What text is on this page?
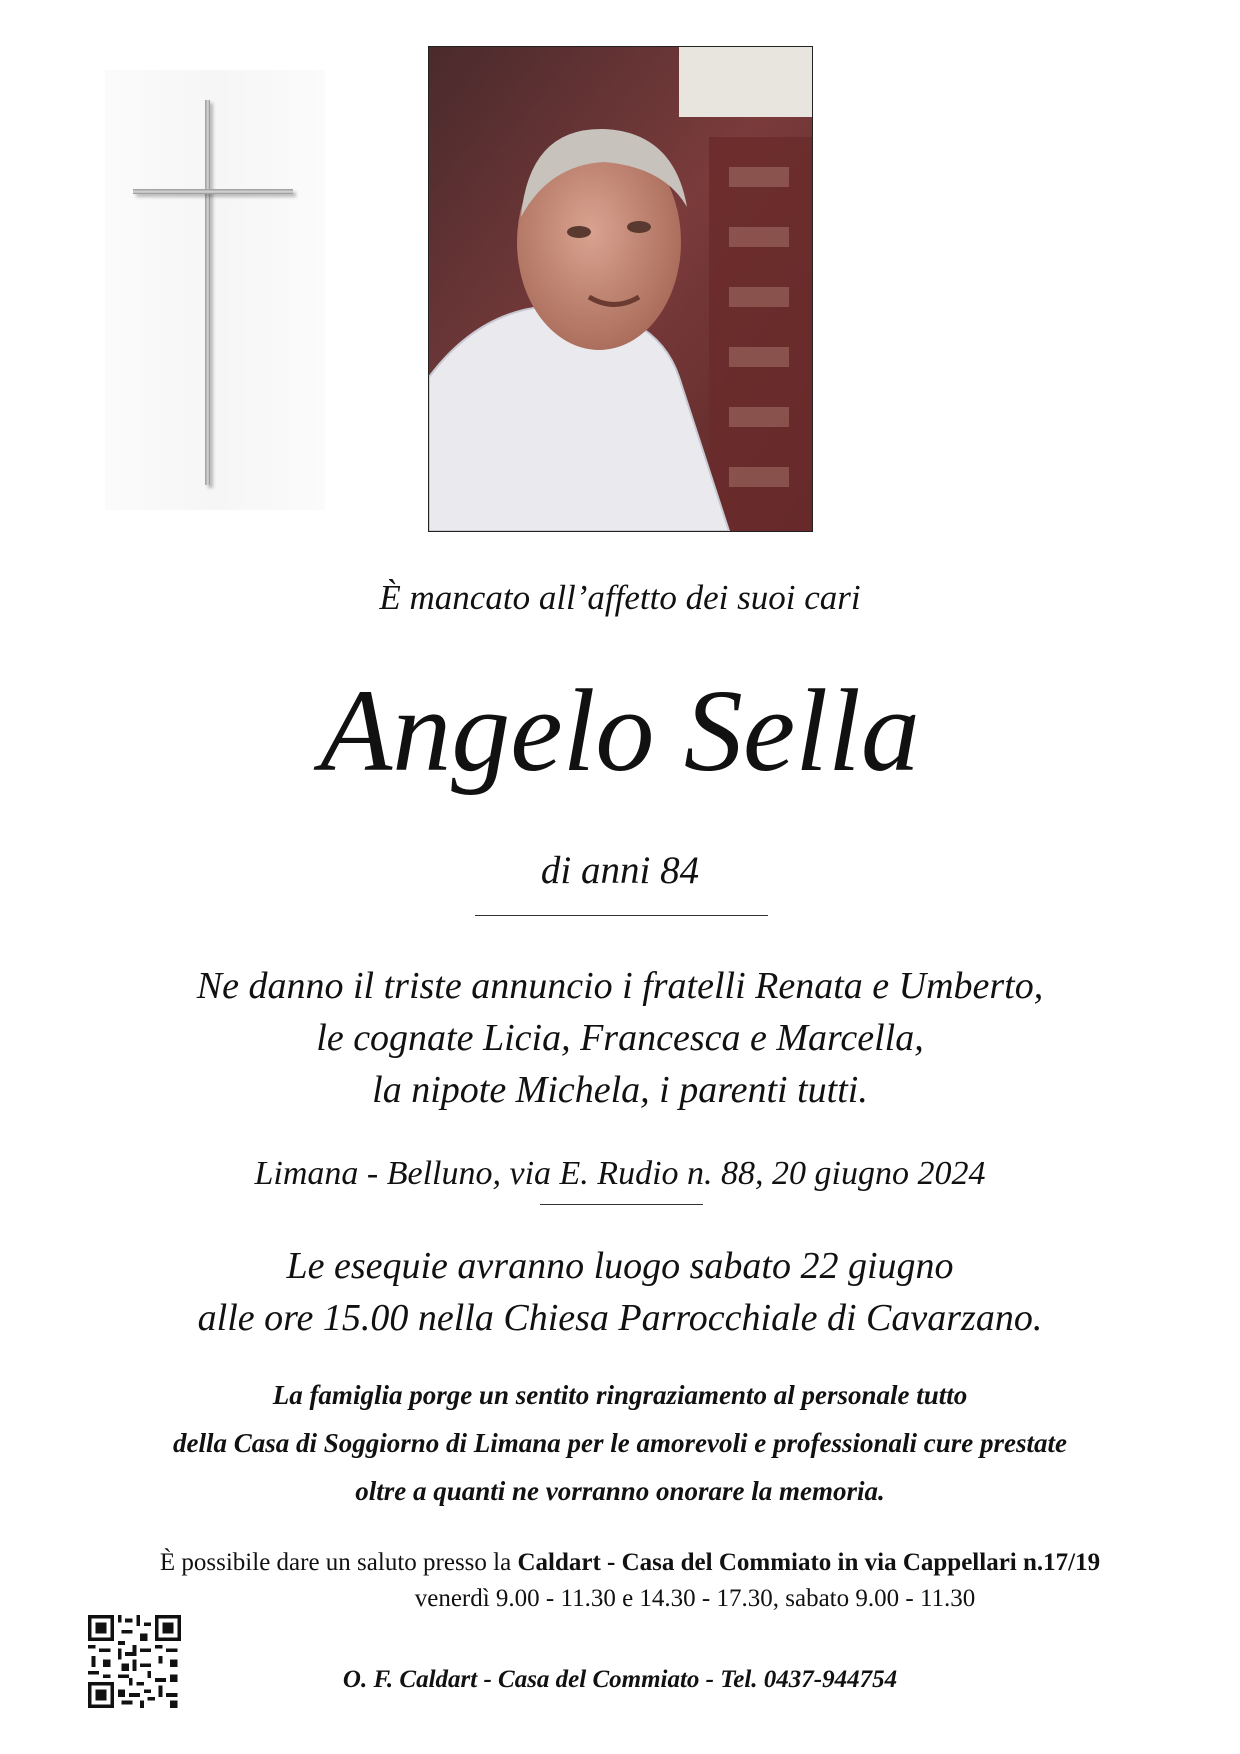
È mancato all’affetto dei suoi cari
Angelo Sella
di anni 84
Ne danno il triste annuncio i fratelli Renata e Umberto,
le cognate Licia, Francesca e Marcella,
la nipote Michela, i parenti tutti.
Limana - Belluno, via E. Rudio n. 88, 20 giugno 2024
Le esequie avranno luogo sabato 22 giugno
alle ore 15.00 nella Chiesa Parrocchiale di Cavarzano.
La famiglia porge un sentito ringraziamento al personale tutto
della Casa di Soggiorno di Limana per le amorevoli e professionali cure prestate
oltre a quanti ne vorranno onorare la memoria.
È possibile dare un saluto presso la Caldart - Casa del Commiato in via Cappellari n.17/19
venerdì 9.00 - 11.30 e 14.30 - 17.30, sabato 9.00 - 11.30
O. F. Caldart - Casa del Commiato - Tel. 0437-944754
